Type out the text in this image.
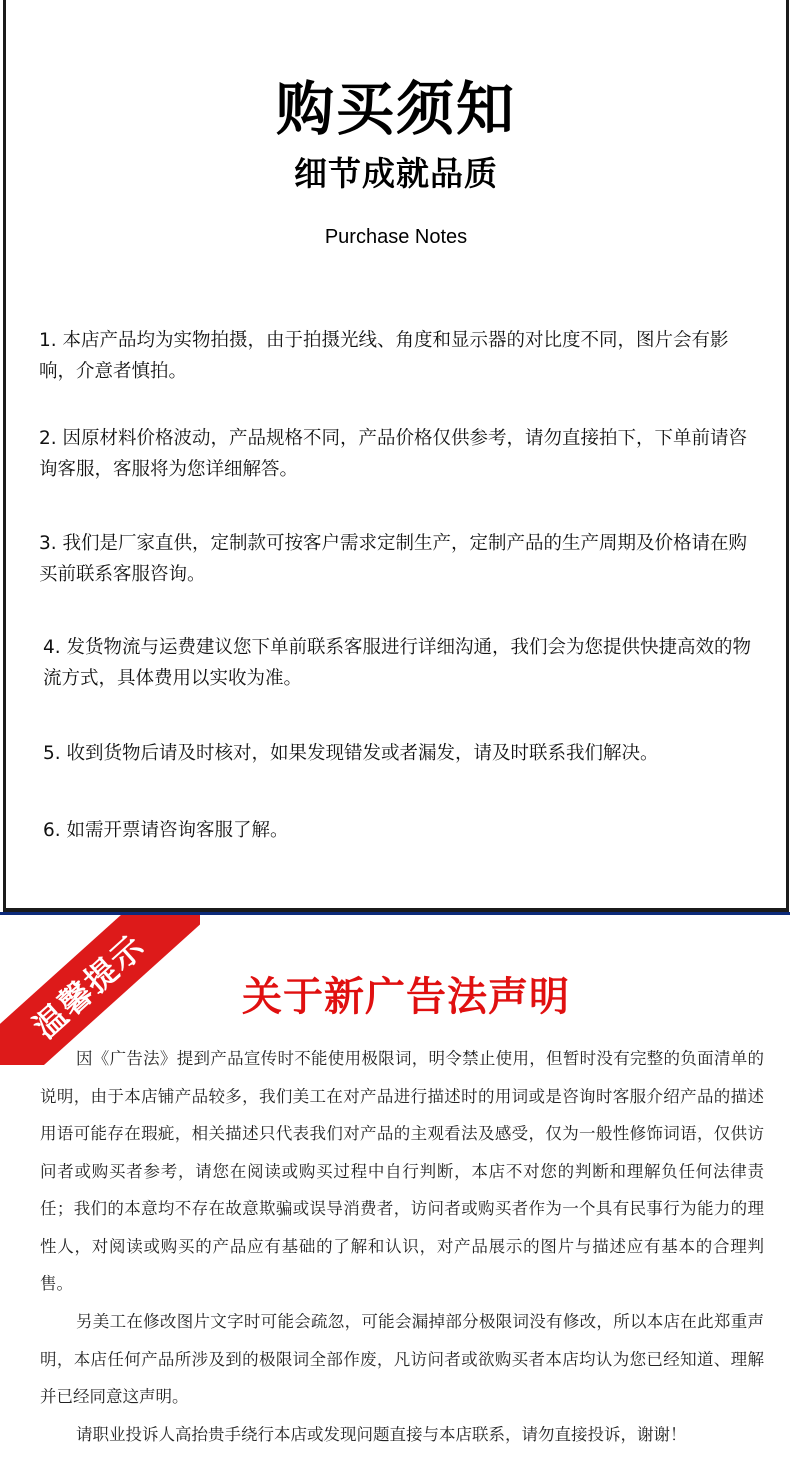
购买须知
细节成就品质
Purchase Notes
1. 本店产品均为实物拍摄，由于拍摄光线、角度和显示器的对比度不同，图片会有影响，介意者慎拍。
2. 因原材料价格波动，产品规格不同，产品价格仅供参考，请勿直接拍下，下单前请咨询客服，客服将为您详细解答。
3. 我们是厂家直供，定制款可按客户需求定制生产，定制产品的生产周期及价格请在购买前联系客服咨询。
4. 发货物流与运费建议您下单前联系客服进行详细沟通，我们会为您提供快捷高效的物流方式，具体费用以实收为准。
5. 收到货物后请及时核对，如果发现错发或者漏发，请及时联系我们解决。
6. 如需开票请咨询客服了解。
温馨提示	关于新广告法声明

因《广告法》提到产品宣传时不能使用极限词，明令禁止使用，但暂时没有完整的负面清单的说明，由于本店铺产品较多，我们美工在对产品进行描述时的用词或是咨询时客服介绍产品的描述用语可能存在瑕疵，相关描述只代表我们对产品的主观看法及感受，仅为一般性修饰词语，仅供访问者或购买者参考，请您在阅读或购买过程中自行判断，本店不对您的判断和理解负任何法律责任；我们的本意均不存在故意欺骗或误导消费者，访问者或购买者作为一个具有民事行为能力的理性人，对阅读或购买的产品应有基础的了解和认识，对产品展示的图片与描述应有基本的合理判售。

另美工在修改图片文字时可能会疏忽，可能会漏掉部分极限词没有修改，所以本店在此郑重声明，本店任何产品所涉及到的极限词全部作废，凡访问者或欲购买者本店均认为您已经知道、理解并已经同意这声明。

请职业投诉人高抬贵手绕行本店或发现问题直接与本店联系，请勿直接投诉，谢谢！
